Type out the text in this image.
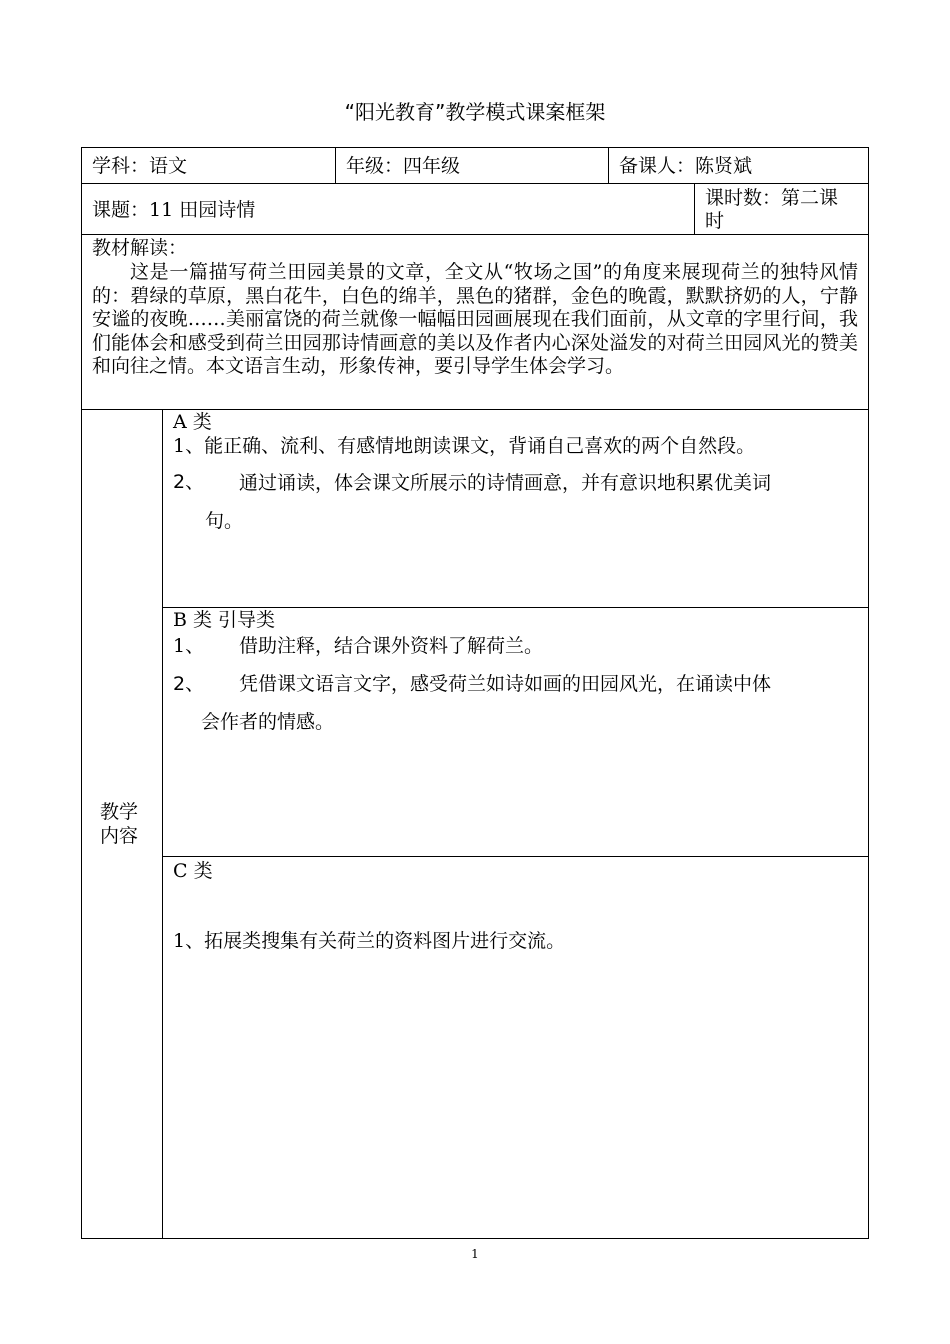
“阳光教育”教学模式课案框架
学科：语文	年级：四年级	备课人：陈贤斌
课题：11 田园诗情
课时数：第二课
时
教材解读：
这是一篇描写荷兰田园美景的文章，全文从“牧场之国”的角度来展现荷兰的独特风情的：碧绿的草原，黑白花牛，白色的绵羊，黑色的猪群，金色的晚霞，默默挤奶的人，宁静安谧的夜晚……美丽富饶的荷兰就像一幅幅田园画展现在我们面前，从文章的字里行间，我们能体会和感受到荷兰田园那诗情画意的美以及作者内心深处溢发的对荷兰田园风光的赞美和向往之情。本文语言生动，形象传神，要引导学生体会学习。
教学
内容
A 类
1、能正确、流利、有感情地朗读课文，背诵自己喜欢的两个自然段。
2、 通过诵读，体会课文所展示的诗情画意，并有意识地积累优美词
句。
B 类 引导类
1、 借助注释，结合课外资料了解荷兰。
2、 凭借课文语言文字，感受荷兰如诗如画的田园风光，在诵读中体
会作者的情感。
C 类
1、拓展类搜集有关荷兰的资料图片进行交流。
1
